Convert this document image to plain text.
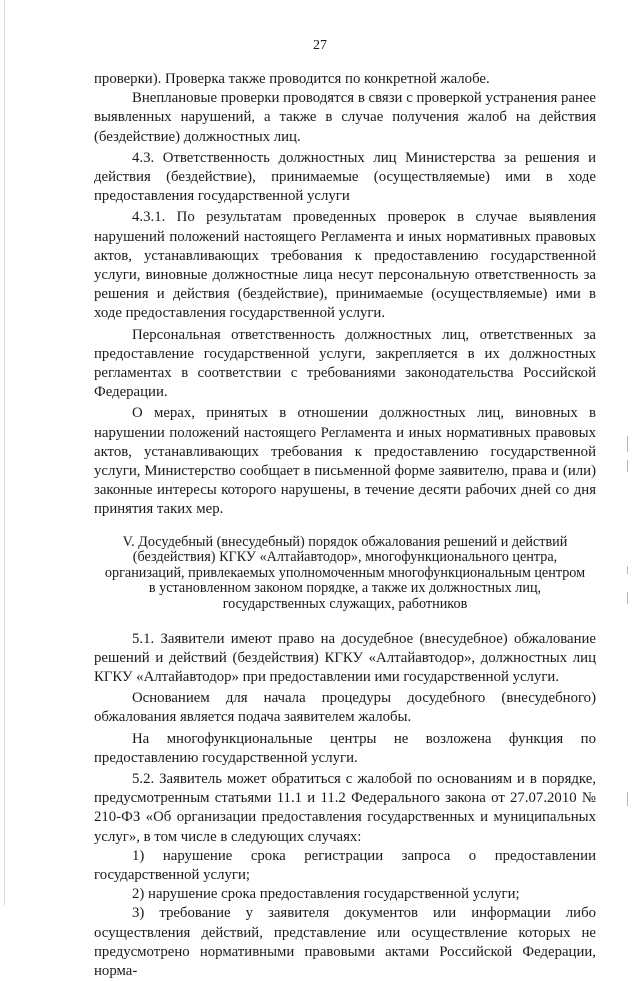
27

проверки). Проверка также проводится по конкретной жалобе.

Внеплановые проверки проводятся в связи с проверкой устранения ранее выявленных нарушений, а также в случае получения жалоб на действия (бездействие) должностных лиц.

4.3. Ответственность должностных лиц Министерства за решения и действия (бездействие), принимаемые (осуществляемые) ими в ходе предоставления государственной услуги

4.3.1. По результатам проведенных проверок в случае выявления нарушений положений настоящего Регламента и иных нормативных правовых актов, устанавливающих требования к предоставлению государственной услуги, виновные должностные лица несут персональную ответственность за решения и действия (бездействие), принимаемые (осуществляемые) ими в ходе предоставления государственной услуги.

Персональная ответственность должностных лиц, ответственных за предоставление государственной услуги, закрепляется в их должностных регламентах в соответствии с требованиями законодательства Российской Федерации.

О мерах, принятых в отношении должностных лиц, виновных в нарушении положений настоящего Регламента и иных нормативных правовых актов, устанавливающих требования к предоставлению государственной услуги, Министерство сообщает в письменной форме заявителю, права и (или) законные интересы которого нарушены, в течение десяти рабочих дней со дня принятия таких мер.

V. Досудебный (внесудебный) порядок обжалования решений и действий (бездействия) КГКУ «Алтайавтодор», многофункционального центра, организаций, привлекаемых уполномоченным многофункциональным центром в установленном законом порядке, а также их должностных лиц, государственных служащих, работников

5.1. Заявители имеют право на досудебное (внесудебное) обжалование решений и действий (бездействия) КГКУ «Алтайавтодор», должностных лиц КГКУ «Алтайавтодор» при предоставлении ими государственной услуги.

Основанием для начала процедуры досудебного (внесудебного) обжалования является подача заявителем жалобы.

На многофункциональные центры не возложена функция по предоставлению государственной услуги.

5.2. Заявитель может обратиться с жалобой по основаниям и в порядке, предусмотренным статьями 11.1 и 11.2 Федерального закона от 27.07.2010 № 210-ФЗ «Об организации предоставления государственных и муниципальных услуг», в том числе в следующих случаях:

1) нарушение срока регистрации запроса о предоставлении государственной услуги;

2) нарушение срока предоставления государственной услуги;

3) требование у заявителя документов или информации либо осуществления действий, представление или осуществление которых не предусмотрено нормативными правовыми актами Российской Федерации, норма-
